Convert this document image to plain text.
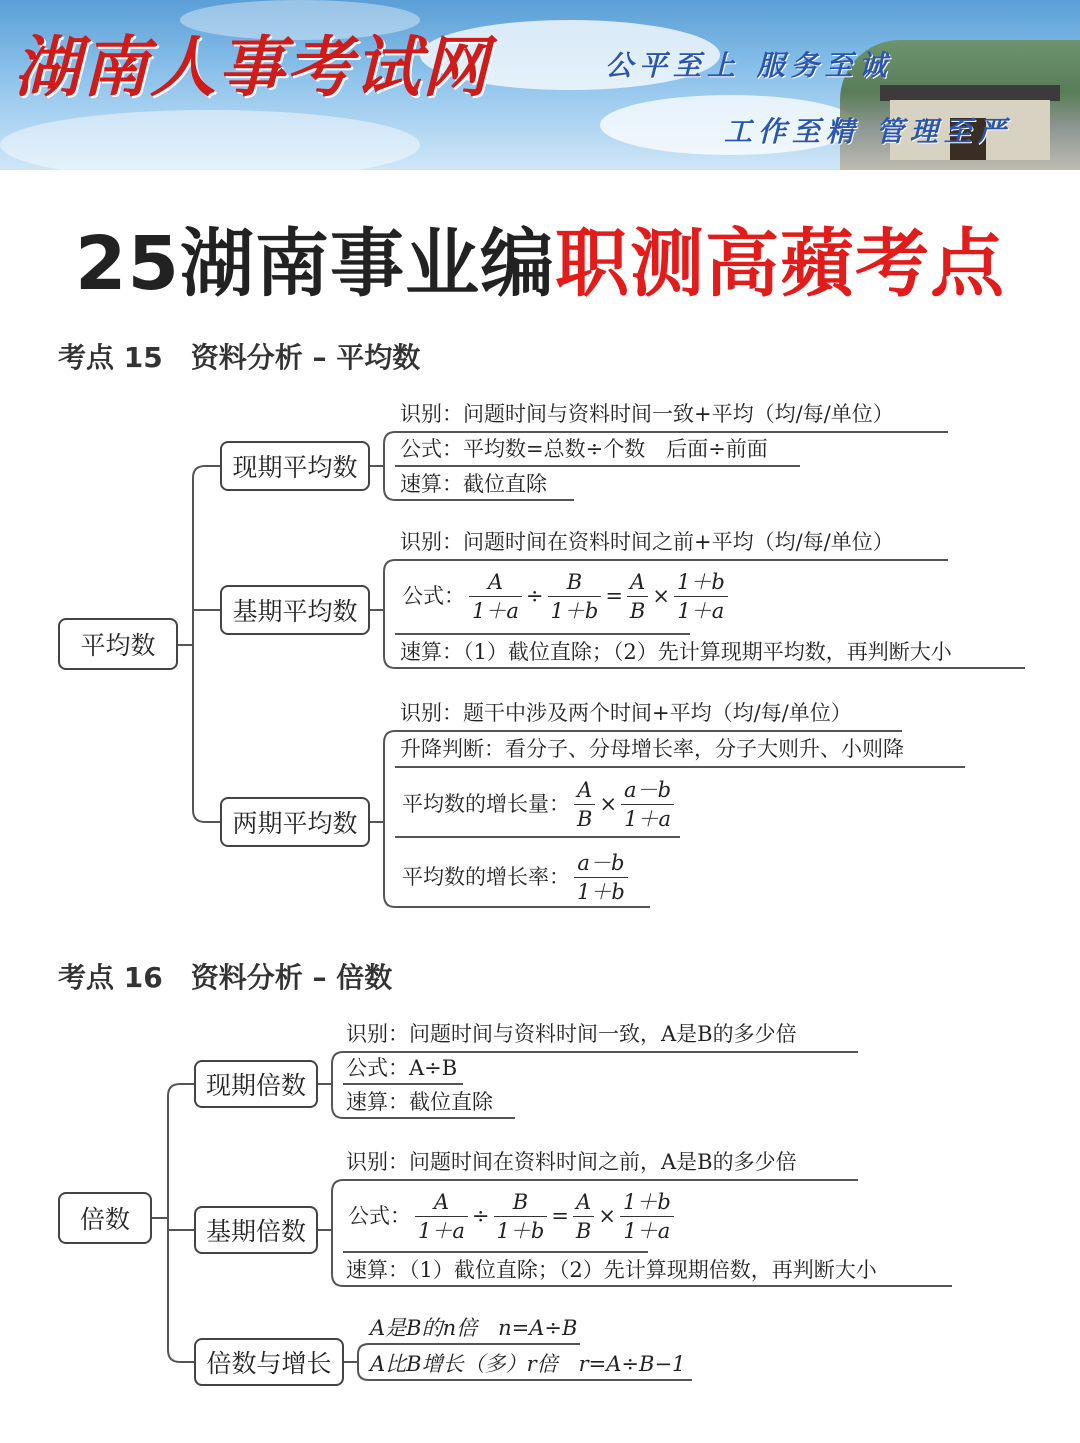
湖南人事考试网	公平至上 服务至诚
工作至精 管理至严
25湖南事业编职测高蘋考点
考点 15　资料分析 – 平均数
平均数
现期平均数
基期平均数
两期平均数
识别：问题时间与资料时间一致+平均（均/每/单位）
公式：平均数=总数÷个数　后面÷前面
速算：截位直除
识别：问题时间在资料时间之前+平均（均/每/单位）
公式： $\frac{A}{1+a} \div \frac{B}{1+b} = \frac{A}{B} \times \frac{1+b}{1+a}$
速算：（1）截位直除；（2）先计算现期平均数，再判断大小
识别：题干中涉及两个时间+平均（均/每/单位）
升降判断：看分子、分母增长率，分子大则升、小则降
平均数的增长量： $\frac{A}{B} \times \frac{a-b}{1+a}$
平均数的增长率： $\frac{a-b}{1+b}$
考点 16　资料分析 – 倍数
倍数
现期倍数
基期倍数
倍数与增长
识别：问题时间与资料时间一致，A是B的多少倍
公式：A÷B
速算：截位直除
识别：问题时间在资料时间之前，A是B的多少倍
公式： $\frac{A}{1+a} \div \frac{B}{1+b} = \frac{A}{B} \times \frac{1+b}{1+a}$
速算：（1）截位直除；（2）先计算现期倍数，再判断大小
A是B的n倍　n=A÷B
A比B增长（多）r倍　r=A÷B−1
